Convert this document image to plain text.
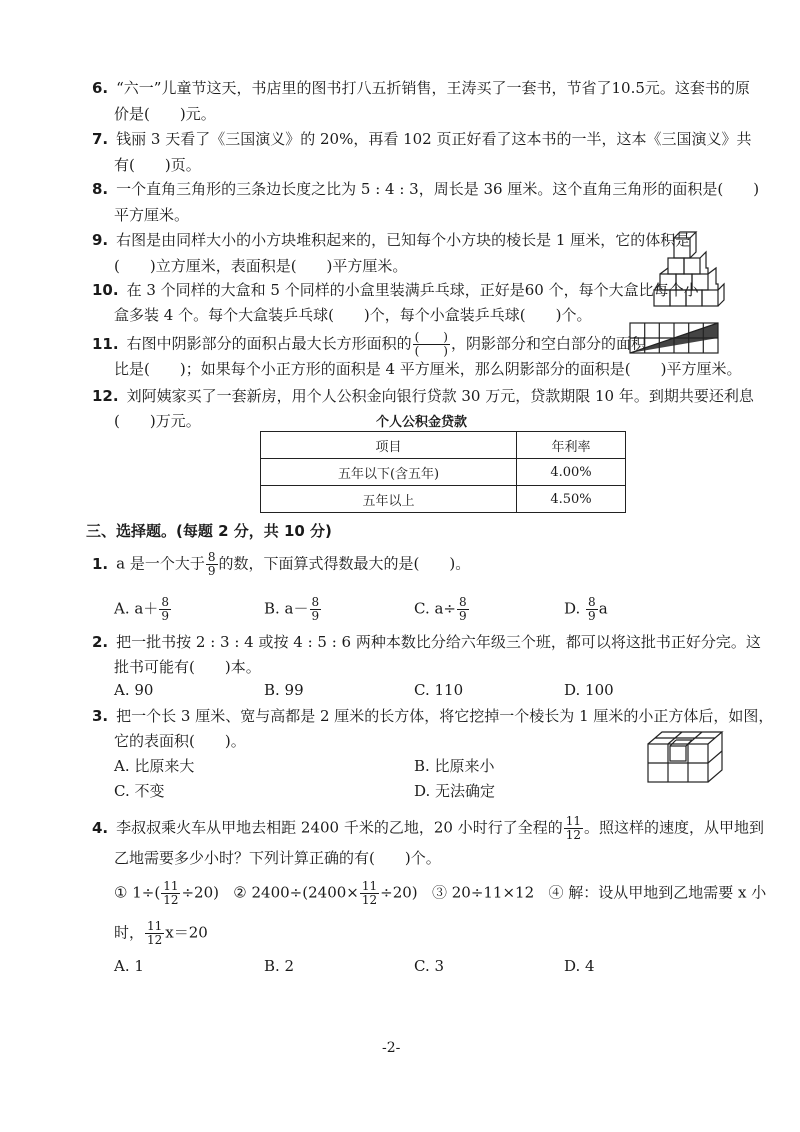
6. “六一”儿童节这天，书店里的图书打八五折销售，王涛买了一套书，节省了10.5元。这套书的原
价是(　　)元。
7. 钱丽 3 天看了《三国演义》的 20%，再看 102 页正好看了这本书的一半，这本《三国演义》共
有(　　)页。
8. 一个直角三角形的三条边长度之比为 5 : 4 : 3，周长是 36 厘米。这个直角三角形的面积是(　　)
平方厘米。
9. 右图是由同样大小的小方块堆积起来的，已知每个小方块的棱长是 1 厘米，它的体积是
(　　)立方厘米，表面积是(　　)平方厘米。
10. 在 3 个同样的大盒和 5 个同样的小盒里装满乒乓球，正好是60 个，每个大盒比每个小
盒多装 4 个。每个大盒装乒乓球(　　)个，每个小盒装乒乓球(　　)个。
11. 右图中阴影部分的面积占最大长方形面积的 $\frac{( )}{( )}$ ，阴影部分和空白部分的面积
比是(　　)；如果每个小正方形的面积是 4 平方厘米，那么阴影部分的面积是(　　)平方厘米。
12. 刘阿姨家买了一套新房，用个人公积金向银行贷款 30 万元，贷款期限 10 年。到期共要还利息
(　　)万元。	个人公积金贷款
项目	年利率
五年以下(含五年)	4.00%
五年以上	4.50%
三、选择题。(每题 2 分，共 10 分)
1. a 是一个大于 $\frac{8}{9}$ 的数，下面算式得数最大的是(　　)。
A. $a+ \frac{8}{9}$	B. $a- \frac{8}{9}$	C. $a\div \frac{8}{9}$	D. $\frac{8}{9}$ a
2. 把一批书按 2 : 3 : 4 或按 4 : 5 : 6 两种本数比分给六年级三个班，都可以将这批书正好分完。这
批书可能有(　　)本。
A. 90	B. 99	C. 110	D. 100
3. 把一个长 3 厘米、宽与高都是 2 厘米的长方体，将它挖掉一个棱长为 1 厘米的小正方体后，如图，
它的表面积(　　)。
A. 比原来大	B. 比原来小
C. 不变	D. 无法确定
4. 李叔叔乘火车从甲地去相距 2400 千米的乙地，20 小时行了全程的 $\frac{11}{12}$ 。照这样的速度，从甲地到
乙地需要多少小时？下列计算正确的有(　　)个。
① $1\div( \frac{11}{12} \div 20)$ ② $2400\div(2400\times \frac{11}{12} \div 20)$ ③ 20÷11×12 ④ 解：设从甲地到乙地需要 x 小
时， $\frac{11}{12} x=20$
A. 1	B. 2	C. 3	D. 4
-2-
